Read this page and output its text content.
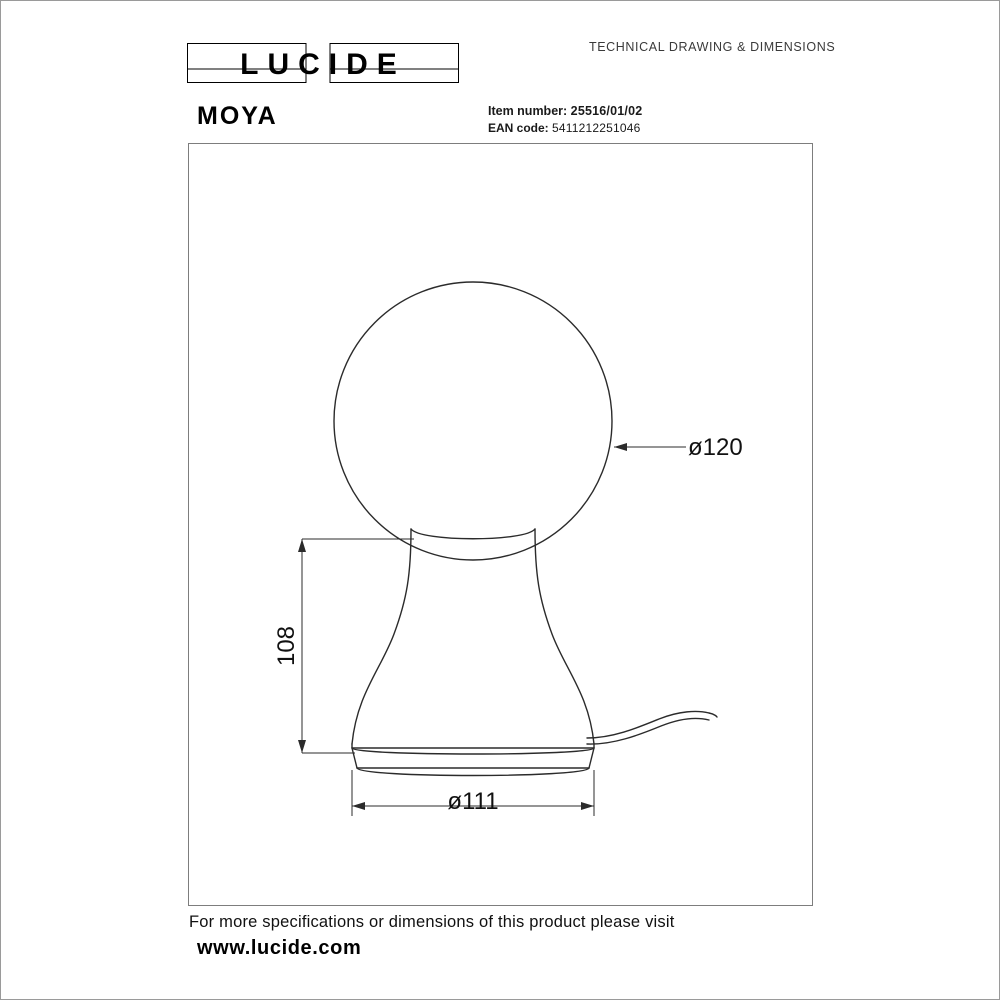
LUCIDE
TECHNICAL DRAWING & DIMENSIONS
MOYA	Item number: 25516/01/02
EAN code: 5411212251046
ø120
108
ø111
For more specifications or dimensions of this product please visit
www.lucide.com
